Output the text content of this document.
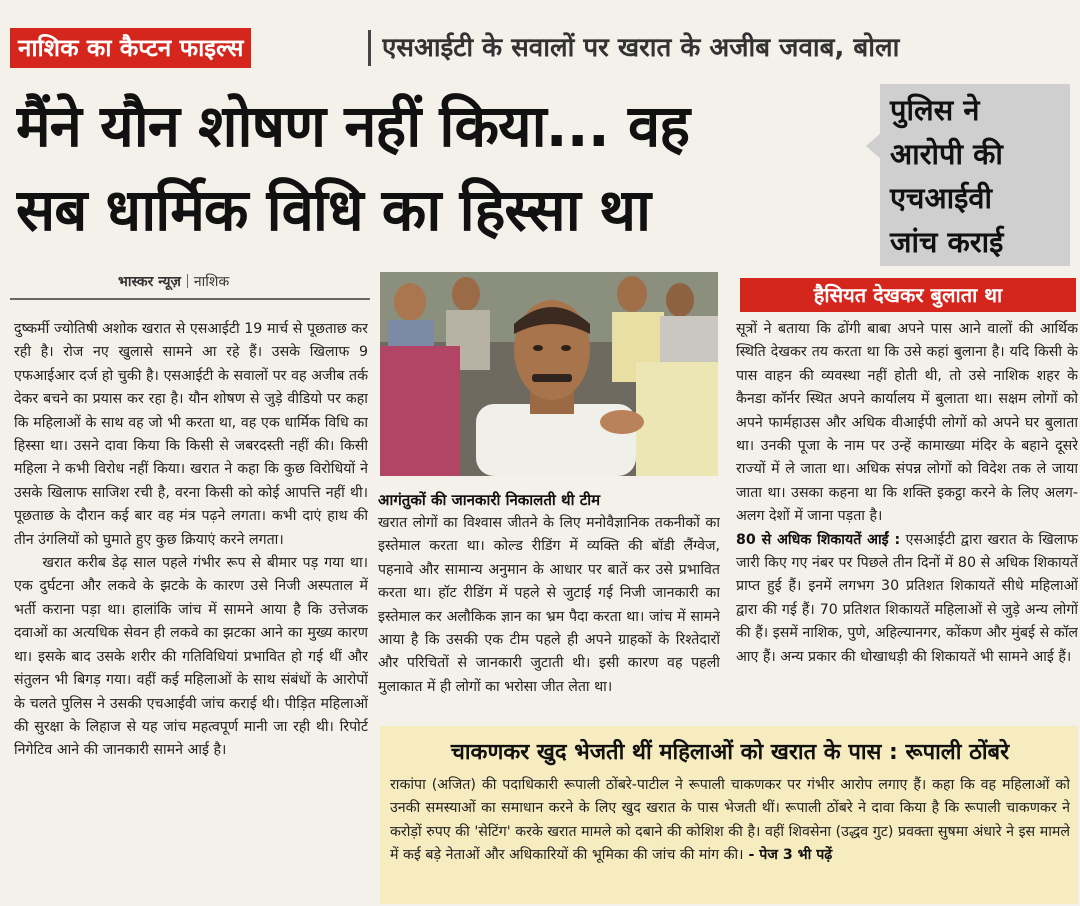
नाशिक का कैप्टन फाइल्स	एसआईटी के सवालों पर खरात के अजीब जवाब, बोला
मैंने यौन शोषण नहीं किया... वह
सब धार्मिक विधि का हिस्सा था
पुलिस ने
आरोपी की
एचआईवी
जांच कराई
भास्कर न्यूज़ नाशिक

दुष्कर्मी ज्योतिषी अशोक खरात से एसआईटी 19 मार्च से पूछताछ कर रही है। रोज नए खुलासे सामने आ रहे हैं। उसके खिलाफ 9 एफआईआर दर्ज हो चुकी है। एसआईटी के सवालों पर वह अजीब तर्क देकर बचने का प्रयास कर रहा है। यौन शोषण से जुड़े वीडियो पर कहा कि महिलाओं के साथ वह जो भी करता था, वह एक धार्मिक विधि का हिस्सा था। उसने दावा किया कि किसी से जबरदस्ती नहीं की। किसी महिला ने कभी विरोध नहीं किया। खरात ने कहा कि कुछ विरोधियों ने उसके खिलाफ साजिश रची है, वरना किसी को कोई आपत्ति नहीं थी। पूछताछ के दौरान कई बार वह मंत्र पढ़ने लगता। कभी दाएं हाथ की तीन उंगलियों को घुमाते हुए कुछ क्रियाएं करने लगता।

खरात करीब डेढ़ साल पहले गंभीर रूप से बीमार पड़ गया था। एक दुर्घटना और लकवे के झटके के कारण उसे निजी अस्पताल में भर्ती कराना पड़ा था। हालांकि जांच में सामने आया है कि उत्तेजक दवाओं का अत्यधिक सेवन ही लकवे का झटका आने का मुख्य कारण था। इसके बाद उसके शरीर की गतिविधियां प्रभावित हो गई थीं और संतुलन भी बिगड़ गया। वहीं कई महिलाओं के साथ संबंधों के आरोपों के चलते पुलिस ने उसकी एचआईवी जांच कराई थी। पीड़ित महिलाओं की सुरक्षा के लिहाज से यह जांच महत्वपूर्ण मानी जा रही थी। रिपोर्ट निगेटिव आने की जानकारी सामने आई है।

आगंतुकों की जानकारी निकालती थी टीम

खरात लोगों का विश्वास जीतने के लिए मनोवैज्ञानिक तकनीकों का इस्तेमाल करता था। कोल्ड रीडिंग में व्यक्ति की बॉडी लैंग्वेज, पहनावे और सामान्य अनुमान के आधार पर बातें कर उसे प्रभावित करता था। हॉट रीडिंग में पहले से जुटाई गई निजी जानकारी का इस्तेमाल कर अलौकिक ज्ञान का भ्रम पैदा करता था। जांच में सामने आया है कि उसकी एक टीम पहले ही अपने ग्राहकों के रिश्तेदारों और परिचितों से जानकारी जुटाती थी। इसी कारण वह पहली मुलाकात में ही लोगों का भरोसा जीत लेता था।

हैसियत देखकर बुलाता था

सूत्रों ने बताया कि ढोंगी बाबा अपने पास आने वालों की आर्थिक स्थिति देखकर तय करता था कि उसे कहां बुलाना है। यदि किसी के पास वाहन की व्यवस्था नहीं होती थी, तो उसे नाशिक शहर के कैनडा कॉर्नर स्थित अपने कार्यालय में बुलाता था। सक्षम लोगों को अपने फार्महाउस और अधिक वीआईपी लोगों को अपने घर बुलाता था। उनकी पूजा के नाम पर उन्हें कामाख्या मंदिर के बहाने दूसरे राज्यों में ले जाता था। अधिक संपन्न लोगों को विदेश तक ले जाया जाता था। उसका कहना था कि शक्ति इकट्ठा करने के लिए अलग-अलग देशों में जाना पड़ता है।

80 से अधिक शिकायतें आईं : एसआईटी द्वारा खरात के खिलाफ जारी किए गए नंबर पर पिछले तीन दिनों में 80 से अधिक शिकायतें प्राप्त हुई हैं। इनमें लगभग 30 प्रतिशत शिकायतें सीधे महिलाओं द्वारा की गई हैं। 70 प्रतिशत शिकायतें महिलाओं से जुड़े अन्य लोगों की हैं। इसमें नाशिक, पुणे, अहिल्यानगर, कोंकण और मुंबई से कॉल आए हैं। अन्य प्रकार की धोखाधड़ी की शिकायतें भी सामने आई हैं।

चाकणकर खुद भेजती थीं महिलाओं को खरात के पास : रूपाली ठोंबरे

राकांपा (अजित) की पदाधिकारी रूपाली ठोंबरे-पाटील ने रूपाली चाकणकर पर गंभीर आरोप लगाए हैं। कहा कि वह महिलाओं को उनकी समस्याओं का समाधान करने के लिए खुद खरात के पास भेजती थीं। रूपाली ठोंबरे ने दावा किया है कि रूपाली चाकणकर ने करोड़ों रुपए की 'सेटिंग' करके खरात मामले को दबाने की कोशिश की है। वहीं शिवसेना (उद्धव गुट) प्रवक्ता सुषमा अंधारे ने इस मामले में कई बड़े नेताओं और अधिकारियों की भूमिका की जांच की मांग की। - पेज 3 भी पढ़ें
